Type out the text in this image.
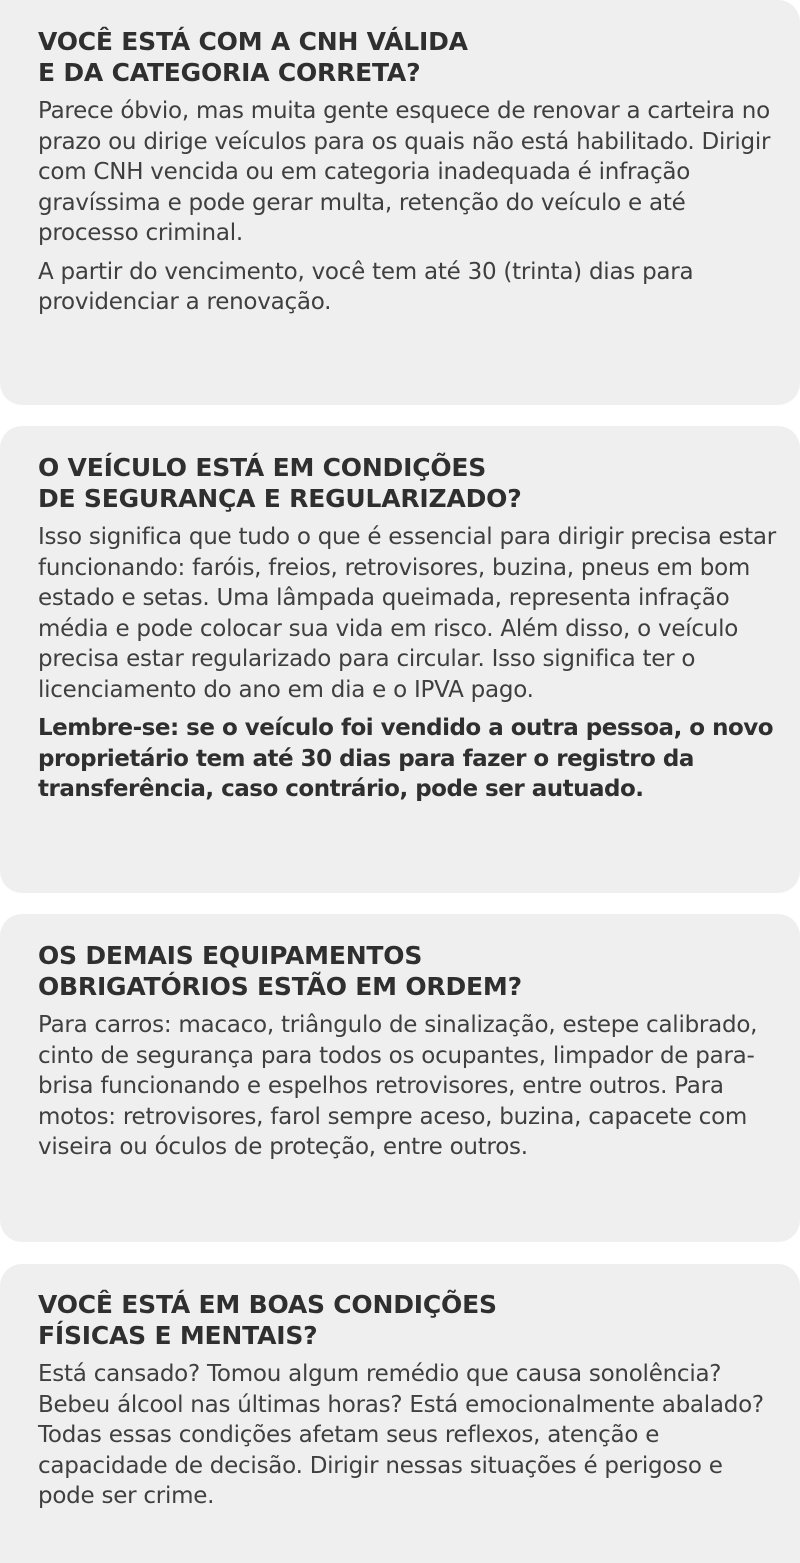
VOCÊ ESTÁ COM A CNH VÁLIDA
E DA CATEGORIA CORRETA?

Parece óbvio, mas muita gente esquece de renovar a carteira no prazo ou dirige veículos para os quais não está habilitado. Dirigir com CNH vencida ou em categoria inadequada é infração gravíssima e pode gerar multa, retenção do veículo e até processo criminal.

A partir do vencimento, você tem até 30 (trinta) dias para providenciar a renovação.

O VEÍCULO ESTÁ EM CONDIÇÕES
DE SEGURANÇA E REGULARIZADO?

Isso significa que tudo o que é essencial para dirigir precisa estar funcionando: faróis, freios, retrovisores, buzina, pneus em bom estado e setas. Uma lâmpada queimada, representa infração média e pode colocar sua vida em risco. Além disso, o veículo precisa estar regularizado para circular. Isso significa ter o licenciamento do ano em dia e o IPVA pago.

Lembre-se: se o veículo foi vendido a outra pessoa, o novo proprietário tem até 30 dias para fazer o registro da transferência, caso contrário, pode ser autuado.

OS DEMAIS EQUIPAMENTOS
OBRIGATÓRIOS ESTÃO EM ORDEM?

Para carros: macaco, triângulo de sinalização, estepe calibrado, cinto de segurança para todos os ocupantes, limpador de para-brisa funcionando e espelhos retrovisores, entre outros. Para motos: retrovisores, farol sempre aceso, buzina, capacete com viseira ou óculos de proteção, entre outros.

VOCÊ ESTÁ EM BOAS CONDIÇÕES
FÍSICAS E MENTAIS?

Está cansado? Tomou algum remédio que causa sonolência? Bebeu álcool nas últimas horas? Está emocionalmente abalado? Todas essas condições afetam seus reflexos, atenção e capacidade de decisão. Dirigir nessas situações é perigoso e pode ser crime.
